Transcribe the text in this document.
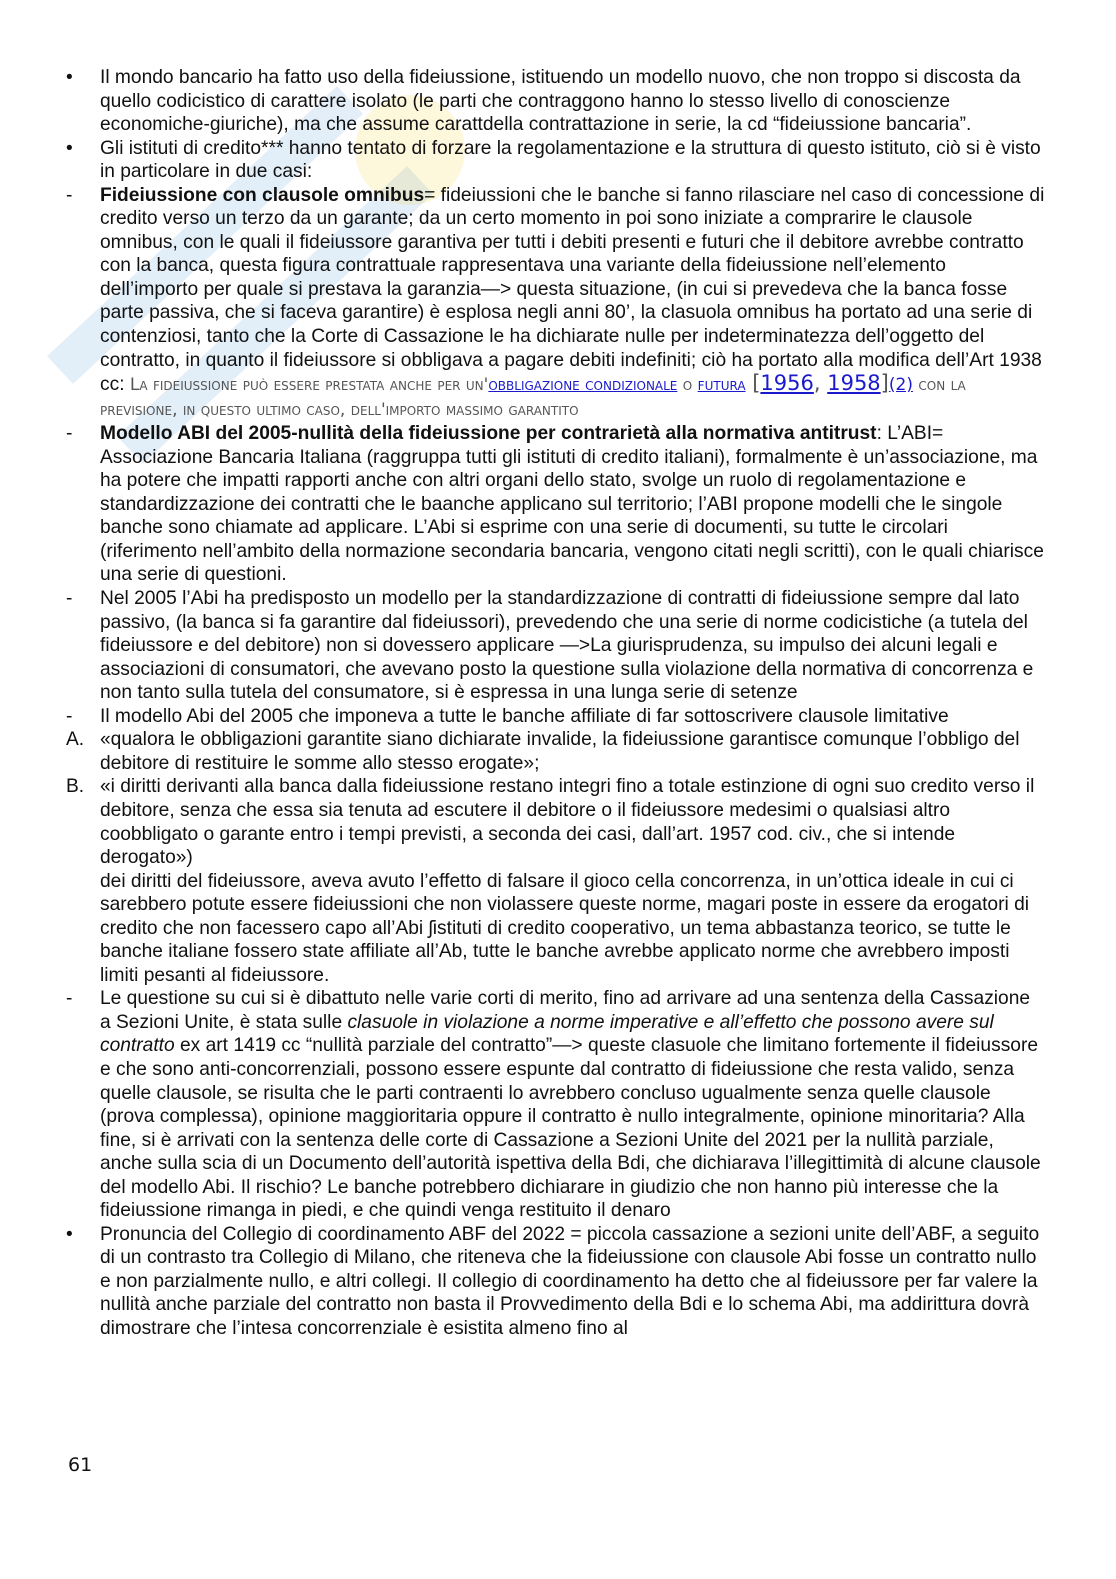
• Il mondo bancario ha fatto uso della fideiussione, istituendo un modello nuovo, che non troppo si discosta da quello codicistico di carattere isolato (le parti che contraggono hanno lo stesso livello di conoscienze economiche-giuriche), ma che assume carattdella contrattazione in serie, la cd “fideiussione bancaria”.

• Gli istituti di credito*** hanno tentato di forzare la regolamentazione e la struttura di questo istituto, ciò si è visto in particolare in due casi:

- Fideiussione con clausole omnibus= fideiussioni che le banche si fanno rilasciare nel caso di concessione di credito verso un terzo da un garante; da un certo momento in poi sono iniziate a comprarire le clausole omnibus, con le quali il fideiussore garantiva per tutti i debiti presenti e futuri che il debitore avrebbe contratto con la banca, questa figura contrattuale rappresentava una variante della fideiussione nell’elemento dell’importo per quale si prestava la garanzia—> questa situazione, (in cui si prevedeva che la banca fosse parte passiva, che si faceva garantire) è esplosa negli anni 80’, la clasuola omnibus ha portato ad una serie di contenziosi, tanto che la Corte di Cassazione le ha dichiarate nulle per indeterminatezza dell’oggetto del contratto, in quanto il fideiussore si obbligava a pagare debiti indefiniti; ciò ha portato alla modifica dell’Art 1938 cc: La fideiussione può essere prestata anche per un'obbligazione condizionale o futura [1956, 1958](2) con la previsione, in questo ultimo caso, dell'importo massimo garantito

- Modello ABI del 2005-nullità della fideiussione per contrarietà alla normativa antitrust: L’ABI= Associazione Bancaria Italiana (raggruppa tutti gli istituti di credito italiani), formalmente è un’associazione, ma ha potere che impatti rapporti anche con altri organi dello stato, svolge un ruolo di regolamentazione e standardizzazione dei contratti che le baanche applicano sul territorio; l’ABI propone modelli che le singole banche sono chiamate ad applicare. L’Abi si esprime con una serie di documenti, su tutte le circolari (riferimento nell’ambito della normazione secondaria bancaria, vengono citati negli scritti), con le quali chiarisce una serie di questioni.

- Nel 2005 l’Abi ha predisposto un modello per la standardizzazione di contratti di fideiussione sempre dal lato passivo, (la banca si fa garantire dal fideiussori), prevedendo che una serie di norme codicistiche (a tutela del fideiussore e del debitore) non si dovessero applicare —>La giurisprudenza, su impulso dei alcuni legali e associazioni di consumatori, che avevano posto la questione sulla violazione della normativa di concorrenza e non tanto sulla tutela del consumatore, si è espressa in una lunga serie di setenze

- Il modello Abi del 2005 che imponeva a tutte le banche affiliate di far sottoscrivere clausole limitative

A. «qualora le obbligazioni garantite siano dichiarate invalide, la fideiussione garantisce comunque l’obbligo del debitore di restituire le somme allo stesso erogate»;

B. «i diritti derivanti alla banca dalla fideiussione restano integri fino a totale estinzione di ogni suo credito verso il debitore, senza che essa sia tenuta ad escutere il debitore o il fideiussore medesimi o qualsiasi altro coobbligato o garante entro i tempi previsti, a seconda dei casi, dall’art. 1957 cod. civ., che si intende derogato»)

dei diritti del fideiussore, aveva avuto l’effetto di falsare il gioco cella concorrenza, in un’ottica ideale in cui ci sarebbero potute essere fideiussioni che non violassere queste norme, magari poste in essere da erogatori di credito che non facessero capo all’Abi ʃistituti di credito cooperativo, un tema abbastanza teorico, se tutte le banche italiane fossero state affiliate all’Ab, tutte le banche avrebbe applicato norme che avrebbero imposti limiti pesanti al fideiussore.

- Le questione su cui si è dibattuto nelle varie corti di merito, fino ad arrivare ad una sentenza della Cassazione a Sezioni Unite, è stata sulle clasuole in violazione a norme imperative e all’effetto che possono avere sul contratto ex art 1419 cc “nullità parziale del contratto”—> queste clasuole che limitano fortemente il fideiussore e che sono anti-concorrenziali, possono essere espunte dal contratto di fideiussione che resta valido, senza quelle clausole, se risulta che le parti contraenti lo avrebbero concluso ugualmente senza quelle clausole (prova complessa), opinione maggioritaria oppure il contratto è nullo integralmente, opinione minoritaria? Alla fine, si è arrivati con la sentenza delle corte di Cassazione a Sezioni Unite del 2021 per la nullità parziale, anche sulla scia di un Documento dell’autorità ispettiva della Bdi, che dichiarava l’illegittimità di alcune clausole del modello Abi. Il rischio? Le banche potrebbero dichiarare in giudizio che non hanno più interesse che la fideiussione rimanga in piedi, e che quindi venga restituito il denaro

• Pronuncia del Collegio di coordinamento ABF del 2022 = piccola cassazione a sezioni unite dell’ABF, a seguito di un contrasto tra Collegio di Milano, che riteneva che la fideiussione con clausole Abi fosse un contratto nullo e non parzialmente nullo, e altri collegi. Il collegio di coordinamento ha detto che al fideiussore per far valere la nullità anche parziale del contratto non basta il Provvedimento della Bdi e lo schema Abi, ma addirittura dovrà dimostrare che l’intesa concorrenziale è esistita almeno fino al

61
